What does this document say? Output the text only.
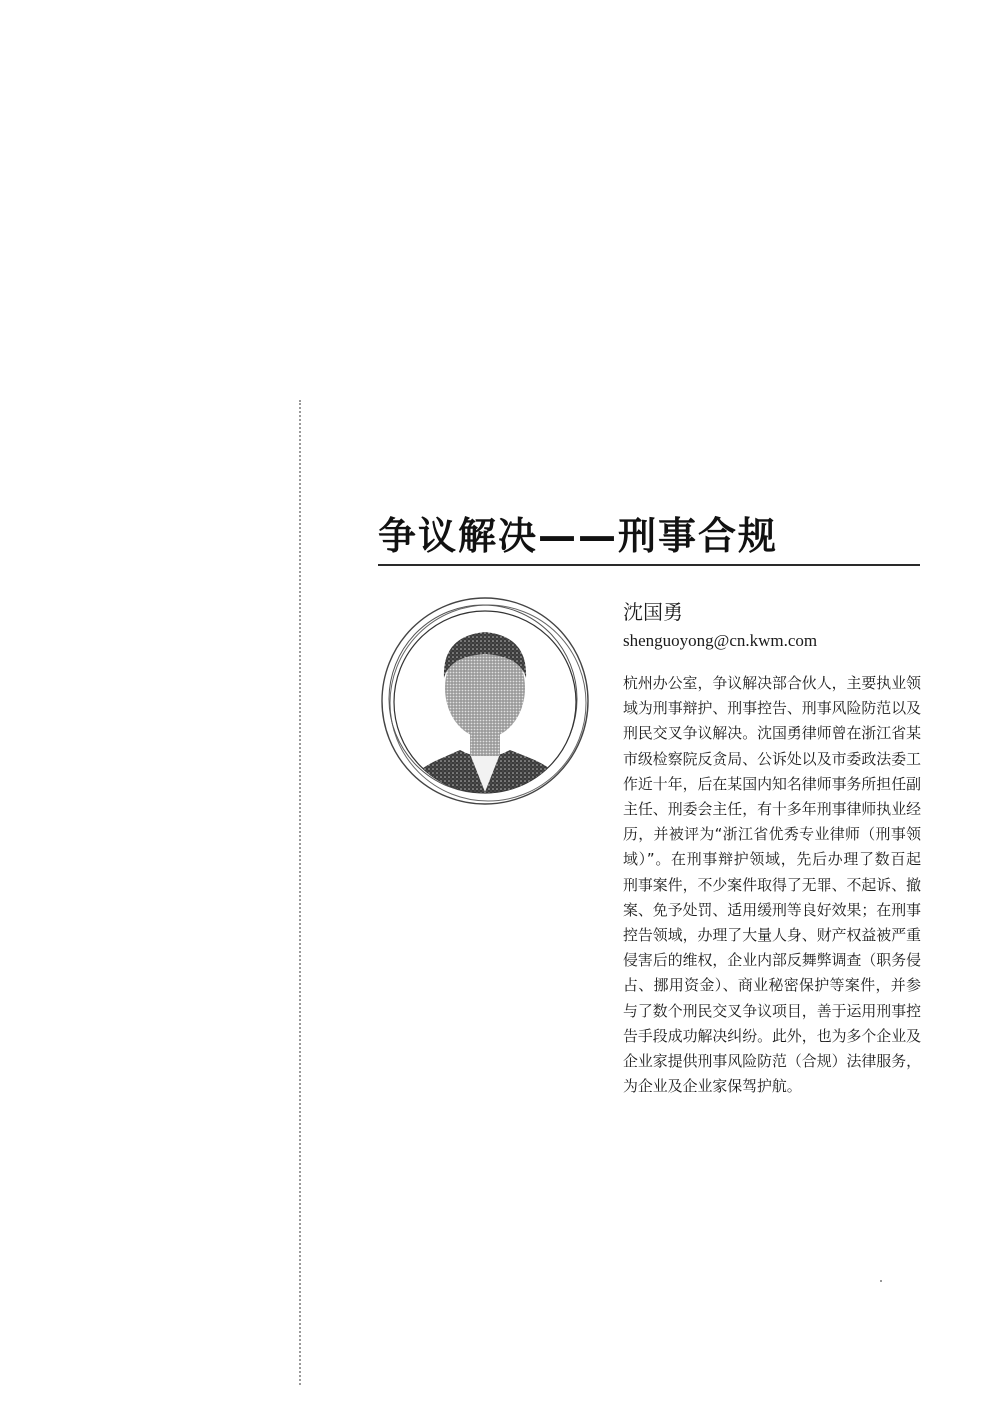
争议解决——刑事合规

沈国勇

shenguoyong@cn.kwm.com

杭州办公室，争议解决部合伙人，主要执业领域为刑事辩护、刑事控告、刑事风险防范以及刑民交叉争议解决。沈国勇律师曾在浙江省某市级检察院反贪局、公诉处以及市委政法委工作近十年，后在某国内知名律师事务所担任副主任、刑委会主任，有十多年刑事律师执业经历，并被评为“浙江省优秀专业律师（刑事领域）”。在刑事辩护领域，先后办理了数百起刑事案件，不少案件取得了无罪、不起诉、撤案、免予处罚、适用缓刑等良好效果；在刑事控告领域，办理了大量人身、财产权益被严重侵害后的维权，企业内部反舞弊调查（职务侵占、挪用资金）、商业秘密保护等案件，并参与了数个刑民交叉争议项目，善于运用刑事控告手段成功解决纠纷。此外，也为多个企业及企业家提供刑事风险防范（合规）法律服务，为企业及企业家保驾护航。
